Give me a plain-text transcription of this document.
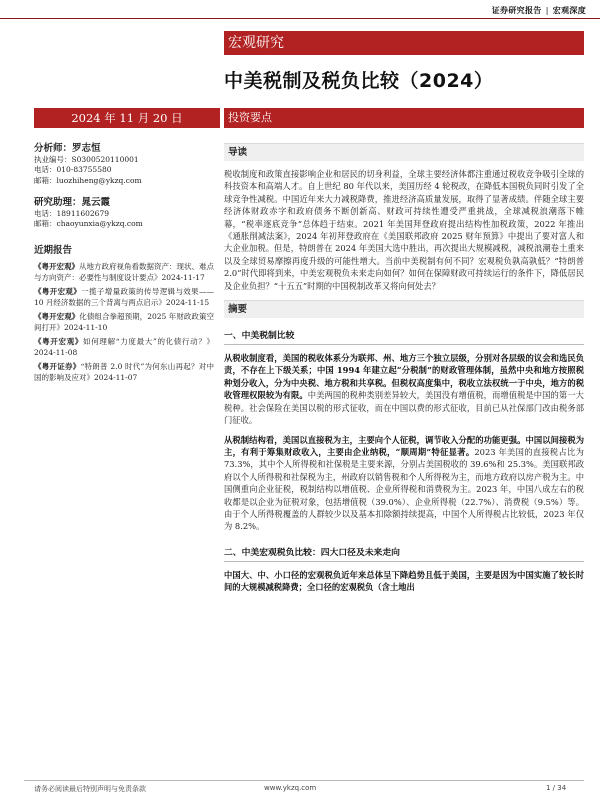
证券研究报告 | 宏观深度
宏观研究
中美税制及税负比较（2024）
2024 年 11 月 20 日	投资要点
分析师：罗志恒
执业编号：S0300520110001
电话：010-83755580
邮箱：luozhiheng@ykzq.com
研究助理：晁云霞
电话：18911602679
邮箱：chaoyunxia@ykzq.com
近期报告
《粤开宏观》从地方政府视角看数据资产：现状、难点与方向资产：必要性与制度设计要点》2024-11-17
《粤开宏观》一揽子增量政策的传导逻辑与效果——10 月经济数据的三个背离与两点启示》2024-11-15
《粤开宏观》化债组合拳超预期，2025 年财政政策空间打开》2024-11-10
《粤开宏观》如何理解“力度最大”的化债行动？》2024-11-08
《粤开证券》“特朗普 2.0 时代”为何东山再起？对中国的影响及应对》2024-11-07
导读

税收制度和政策直接影响企业和居民的切身利益，全球主要经济体都注重通过税收竞争吸引全球的科技资本和高端人才。自上世纪 80 年代以来，美国历经 4 轮税改，在降低本国税负同时引发了全球竞争性减税。中国近年来大力减税降费，推进经济高质量发展，取得了显著成绩。伴随全球主要经济体财政赤字和政府债务不断创新高、财政可持续性遭受严重挑战，全球减税浪潮落下帷幕，“税率逐底竞争”总体趋于结束。2021 年美国拜登政府提出结构性加税政策，2022 年推出《通胀削减法案》，2024 年初拜登政府在《美国联邦政府 2025 财年预算》中提出了要对富人和大企业加税。但是，特朗普在 2024 年美国大选中胜出，再次提出大规模减税，减税浪潮卷土重来以及全球贸易摩擦再度升级的可能性增大。当前中美税制有何不同？宏观税负孰高孰低？“特朗普 2.0”时代即将到来，中美宏观税负未来走向如何？如何在保障财政可持续运行的条件下，降低居民及企业负担？“十五五”时期的中国税制改革又将向何处去？

摘要
一、中美税制比较

从税收制度看，美国的税收体系分为联邦、州、地方三个独立层级，分别对各层级的议会和选民负责，不存在上下级关系；中国 1994 年建立起“分税制”的财政管理体制，虽然中央和地方按照税种划分收入，分为中央税、地方税和共享税。但税权高度集中，税收立法权统一于中央，地方的税收管理权限较为有限。中美两国的税种类别差异较大，美国没有增值税，而增值税是中国的第一大税种。社会保险在美国以税的形式征收，而在中国以费的形式征收，目前已从社保部门改由税务部门征收。

从税制结构看，美国以直接税为主，主要向个人征税，调节收入分配的功能更强。中国以间接税为主，有利于筹集财政收入，主要由企业纳税，“顺周期”特征显著。2023 年美国的直接税占比为 73.3%，其中个人所得税和社保税是主要来源，分别占美国税收的 39.6%和 25.3%。美国联邦政府以个人所得税和社保税为主，州政府以销售税和个人所得税为主，而地方政府以房产税为主。中国侧重向企业征税，税制结构以增值税、企业所得税和消费税为主。2023 年，中国八成左右的税收都是以企业为征税对象，包括增值税（39.0%）、企业所得税（22.7%）、消费税（9.5%）等。由于个人所得税覆盖的人群较少以及基本扣除额持续提高，中国个人所得税占比较低，2023 年仅为 8.2%。

二、中美宏观税负比较：四大口径及未来走向

中国大、中、小口径的宏观税负近年来总体呈下降趋势且低于美国，主要是因为中国实施了较长时间的大规模减税降费；全口径的宏观税负（含土地出

请务必阅读最后特别声明与免责条款	www.ykzq.com	1 / 34
